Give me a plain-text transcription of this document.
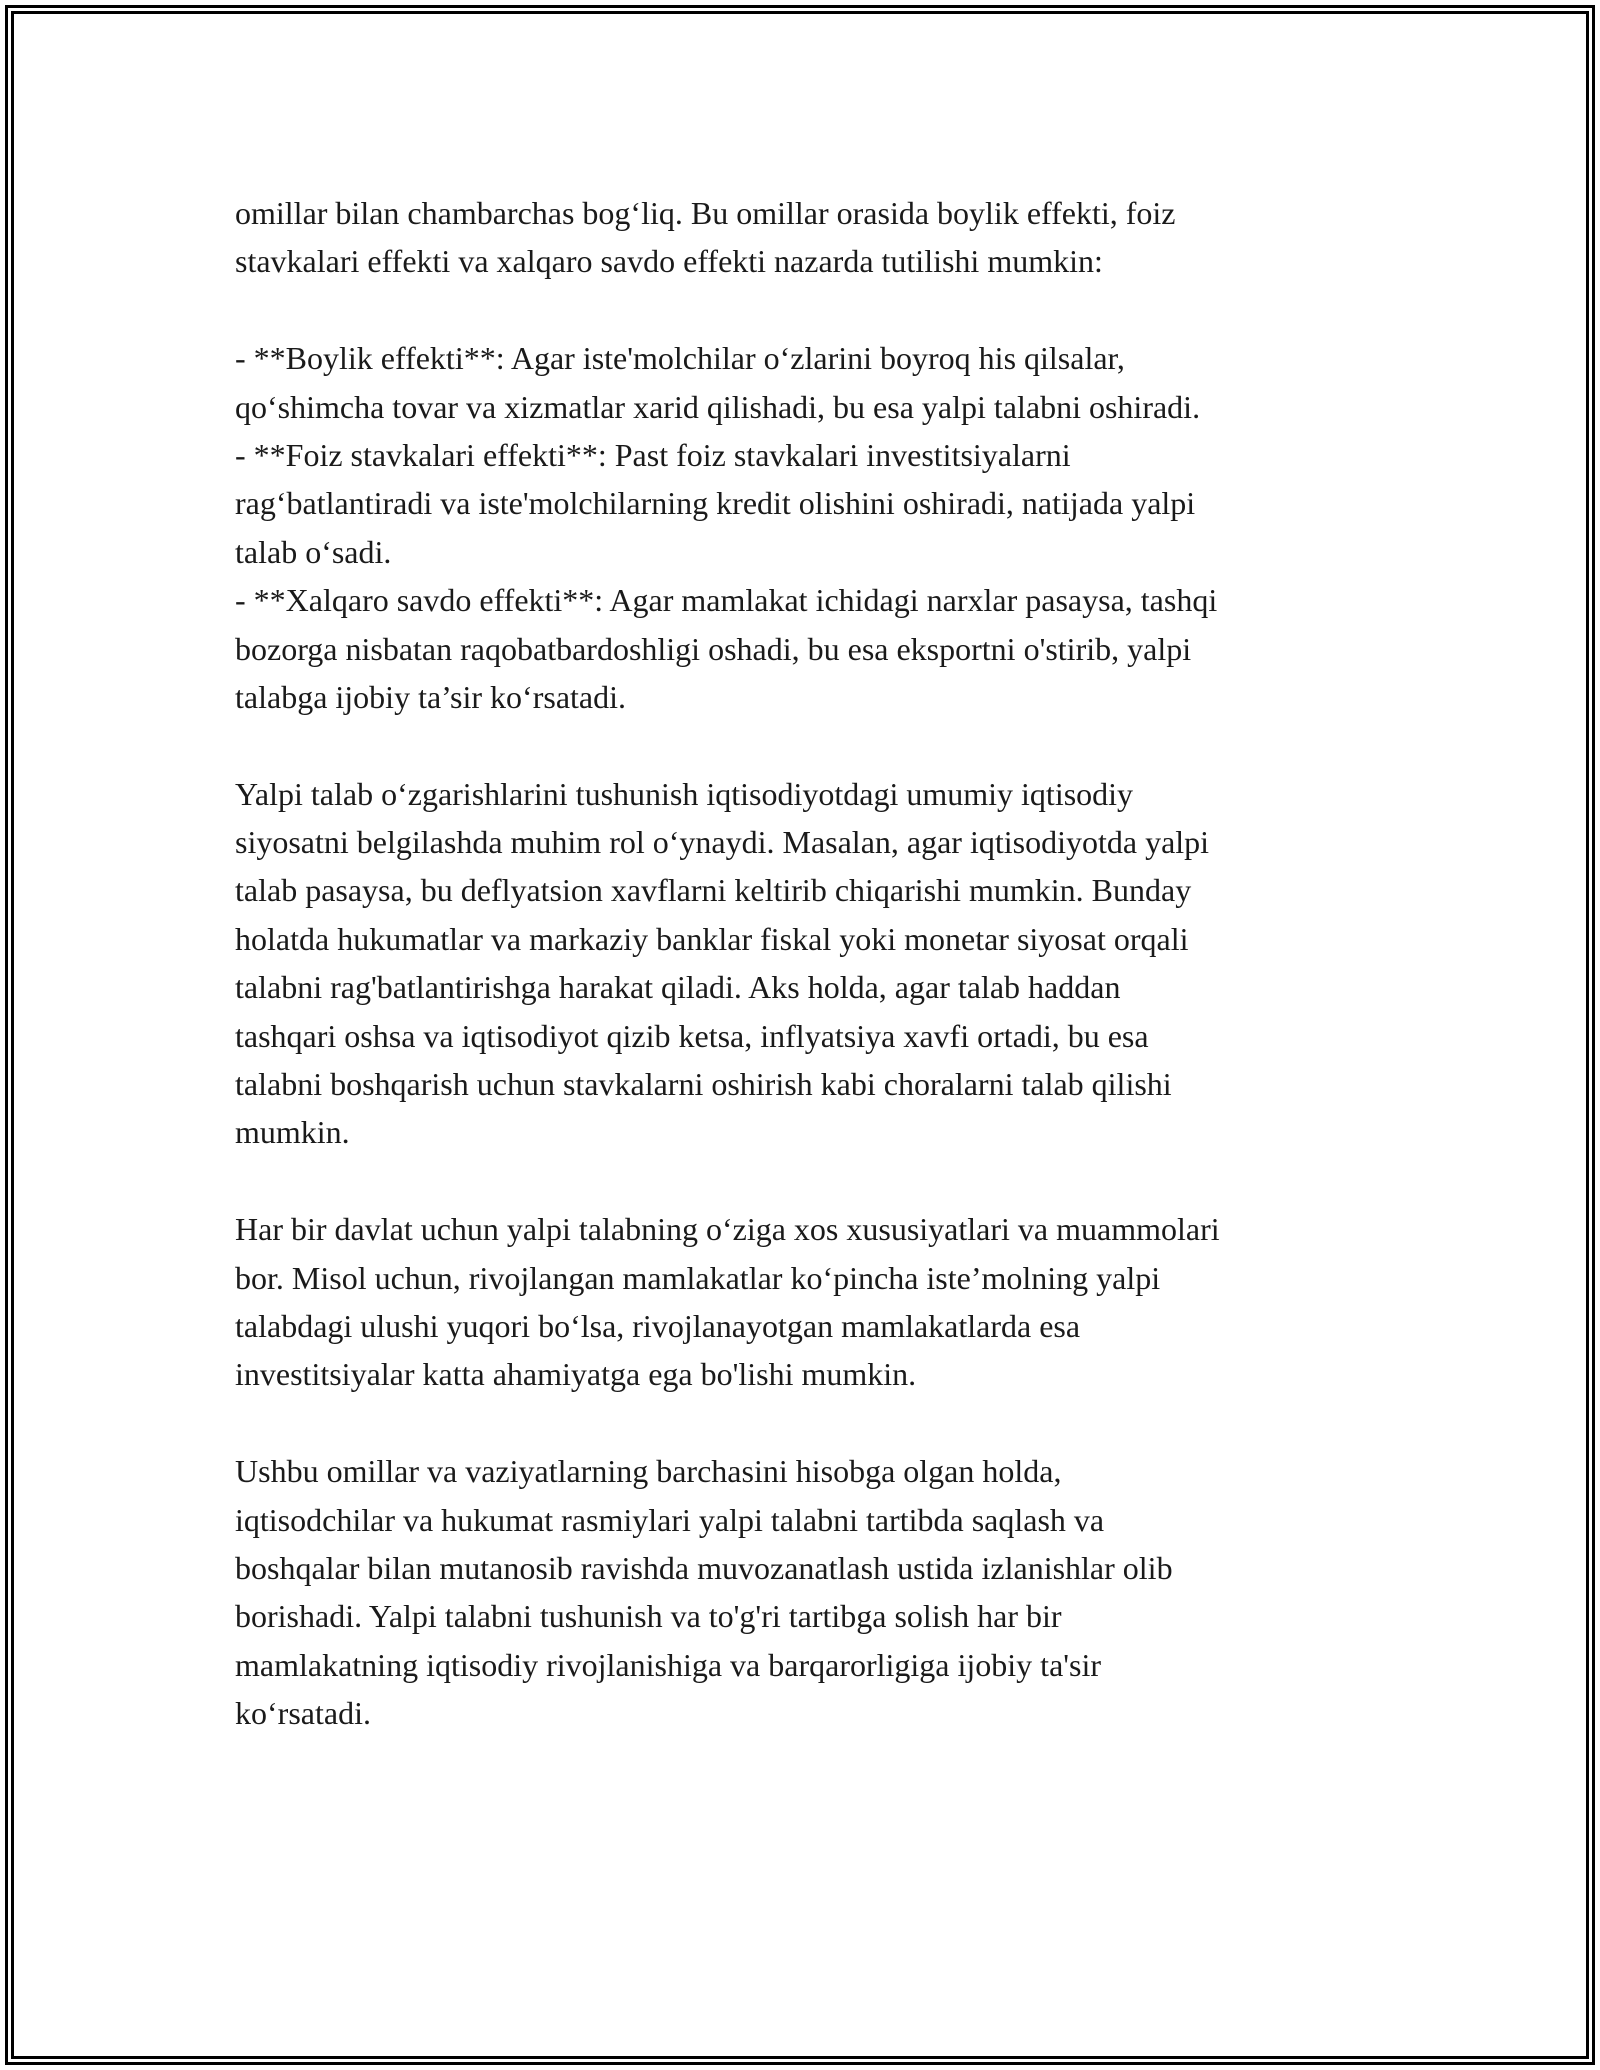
omillar bilan chambarchas bog‘liq. Bu omillar orasida boylik effekti, foiz
stavkalari effekti va xalqaro savdo effekti nazarda tutilishi mumkin:
- **Boylik effekti**: Agar iste'molchilar o‘zlarini boyroq his qilsalar,
qo‘shimcha tovar va xizmatlar xarid qilishadi, bu esa yalpi talabni oshiradi.
- **Foiz stavkalari effekti**: Past foiz stavkalari investitsiyalarni
rag‘batlantiradi va iste'molchilarning kredit olishini oshiradi, natijada yalpi
talab o‘sadi.
- **Xalqaro savdo effekti**: Agar mamlakat ichidagi narxlar pasaysa, tashqi
bozorga nisbatan raqobatbardoshligi oshadi, bu esa eksportni o'stirib, yalpi
talabga ijobiy ta’sir ko‘rsatadi.
Yalpi talab o‘zgarishlarini tushunish iqtisodiyotdagi umumiy iqtisodiy
siyosatni belgilashda muhim rol o‘ynaydi. Masalan, agar iqtisodiyotda yalpi
talab pasaysa, bu deflyatsion xavflarni keltirib chiqarishi mumkin. Bunday
holatda hukumatlar va markaziy banklar fiskal yoki monetar siyosat orqali
talabni rag'batlantirishga harakat qiladi. Aks holda, agar talab haddan
tashqari oshsa va iqtisodiyot qizib ketsa, inflyatsiya xavfi ortadi, bu esa
talabni boshqarish uchun stavkalarni oshirish kabi choralarni talab qilishi
mumkin.
Har bir davlat uchun yalpi talabning o‘ziga xos xususiyatlari va muammolari
bor. Misol uchun, rivojlangan mamlakatlar ko‘pincha iste’molning yalpi
talabdagi ulushi yuqori bo‘lsa, rivojlanayotgan mamlakatlarda esa
investitsiyalar katta ahamiyatga ega bo'lishi mumkin.
Ushbu omillar va vaziyatlarning barchasini hisobga olgan holda,
iqtisodchilar va hukumat rasmiylari yalpi talabni tartibda saqlash va
boshqalar bilan mutanosib ravishda muvozanatlash ustida izlanishlar olib
borishadi. Yalpi talabni tushunish va to'g'ri tartibga solish har bir
mamlakatning iqtisodiy rivojlanishiga va barqarorligiga ijobiy ta'sir
ko‘rsatadi.
